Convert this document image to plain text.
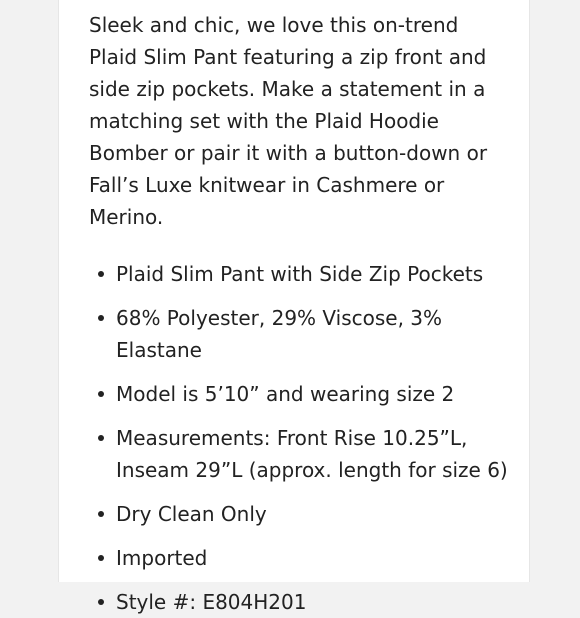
Sleek and chic, we love this on-trend Plaid Slim Pant featuring a zip front and side zip pockets. Make a statement in a matching set with the Plaid Hoodie Bomber or pair it with a button-down or Fall’s Luxe knitwear in Cashmere or Merino.

Plaid Slim Pant with Side Zip Pockets
68% Polyester, 29% Viscose, 3% Elastane
Model is 5’10” and wearing size 2
Measurements: Front Rise 10.25”L, Inseam 29”L (approx. length for size 6)
Dry Clean Only
Imported
Style #: E804H201
